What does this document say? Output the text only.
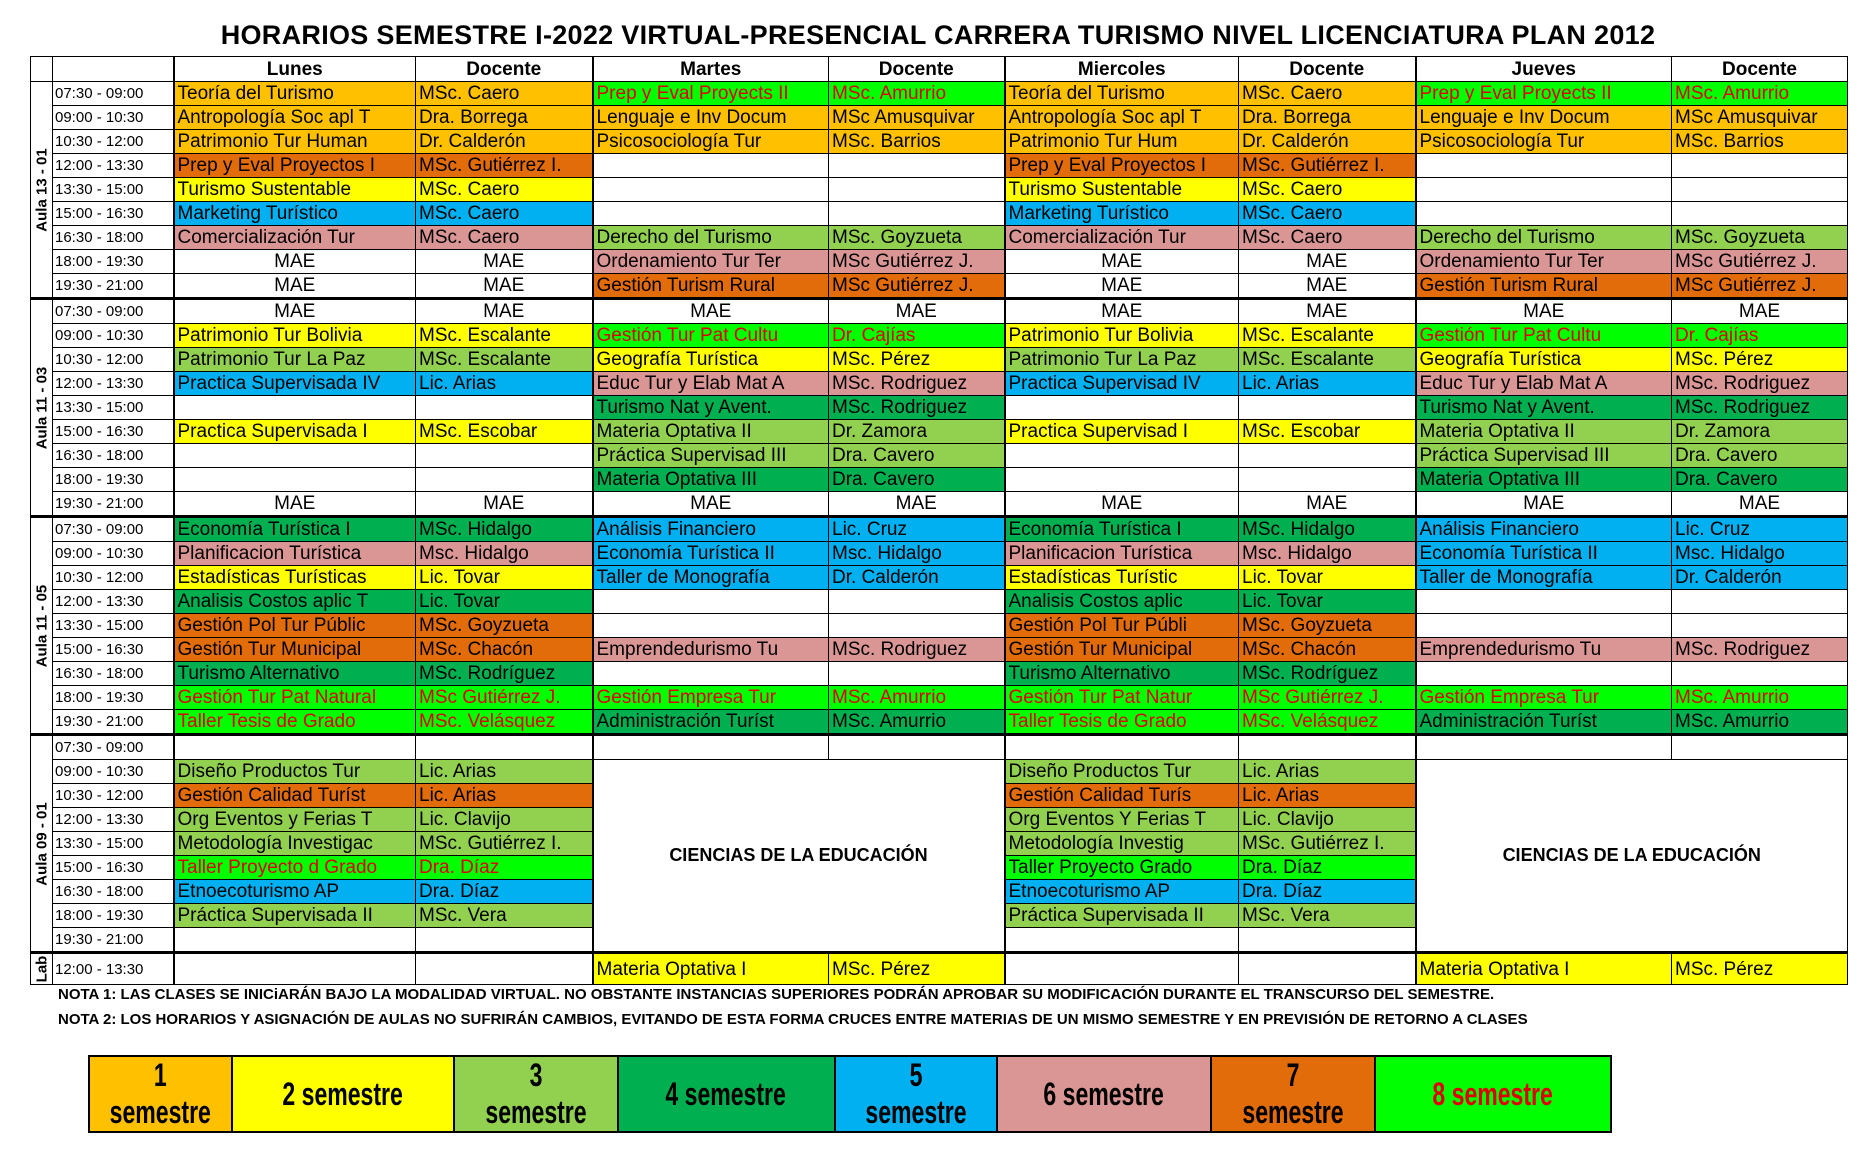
HORARIOS SEMESTRE I-2022 VIRTUAL-PRESENCIAL CARRERA TURISMO NIVEL LICENCIATURA PLAN 2012
		Lunes	Docente	Martes	Docente	Miercoles	Docente	Jueves	Docente

Aula 13 - 01	07:30 - 09:00	Teoría del Turismo	MSc. Caero	Prep y Eval Proyects II	MSc. Amurrio	Teoría del Turismo	MSc. Caero	Prep y Eval Proyects II	MSc. Amurrio
	09:00 - 10:30	Antropología Soc apl T	Dra. Borrega	Lenguaje e Inv Docum	MSc Amusquivar	Antropología Soc apl T	Dra. Borrega	Lenguaje e Inv Docum	MSc Amusquivar
	10:30 - 12:00	Patrimonio Tur Human	Dr. Calderón	Psicosociología Tur	MSc. Barrios	Patrimonio Tur Hum	Dr. Calderón	Psicosociología Tur	MSc. Barrios
	12:00 - 13:30	Prep y Eval Proyectos I	MSc. Gutiérrez I.			Prep y Eval Proyectos I	MSc. Gutiérrez I.		
	13:30 - 15:00	Turismo Sustentable	MSc. Caero			Turismo Sustentable	MSc. Caero		
	15:00 - 16:30	Marketing Turístico	MSc. Caero			Marketing Turístico	MSc. Caero		
	16:30 - 18:00	Comercialización Tur	MSc. Caero	Derecho del Turismo	MSc. Goyzueta	Comercialización Tur	MSc. Caero	Derecho del Turismo	MSc. Goyzueta
	18:00 - 19:30	MAE	MAE	Ordenamiento Tur Ter	MSc Gutiérrez J.	MAE	MAE	Ordenamiento Tur Ter	MSc Gutiérrez J.
	19:30 - 21:00	MAE	MAE	Gestión Turism Rural	MSc Gutiérrez J.	MAE	MAE	Gestión Turism Rural	MSc Gutiérrez J.

Aula 11 - 03	07:30 - 09:00	MAE	MAE	MAE	MAE	MAE	MAE	MAE	MAE
	09:00 - 10:30	Patrimonio Tur Bolivia	MSc. Escalante	Gestión Tur Pat Cultu	Dr. Cajías	Patrimonio Tur Bolivia	MSc. Escalante	Gestión Tur Pat Cultu	Dr. Cajías
	10:30 - 12:00	Patrimonio Tur La Paz	MSc. Escalante	Geografía Turística	MSc. Pérez	Patrimonio Tur La Paz	MSc. Escalante	Geografía Turística	MSc. Pérez
	12:00 - 13:30	Practica Supervisada IV	Lic. Arias	Educ Tur y Elab Mat A	MSc. Rodriguez	Practica Supervisad IV	Lic. Arias	Educ Tur y Elab Mat A	MSc. Rodriguez
	13:30 - 15:00			Turismo Nat y Avent.	MSc. Rodriguez			Turismo Nat y Avent.	MSc. Rodriguez
	15:00 - 16:30	Practica Supervisada I	MSc. Escobar	Materia Optativa II	Dr. Zamora	Practica Supervisad I	MSc. Escobar	Materia Optativa II	Dr. Zamora
	16:30 - 18:00			Práctica Supervisad III	Dra. Cavero			Práctica Supervisad III	Dra. Cavero
	18:00 - 19:30			Materia Optativa III	Dra. Cavero			Materia Optativa III	Dra. Cavero
	19:30 - 21:00	MAE	MAE	MAE	MAE	MAE	MAE	MAE	MAE

Aula 11 - 05	07:30 - 09:00	Economía Turística I	MSc. Hidalgo	Análisis Financiero	Lic. Cruz	Economía Turística I	MSc. Hidalgo	Análisis Financiero	Lic. Cruz
	09:00 - 10:30	Planificacion Turística	Msc. Hidalgo	Economía Turística II	Msc. Hidalgo	Planificacion Turística	Msc. Hidalgo	Economía Turística II	Msc. Hidalgo
	10:30 - 12:00	Estadísticas Turísticas	Lic. Tovar	Taller de Monografía	Dr. Calderón	Estadísticas Turístic	Lic. Tovar	Taller de Monografía	Dr. Calderón
	12:00 - 13:30	Analisis Costos aplic T	Lic. Tovar			Analisis Costos aplic	Lic. Tovar		
	13:30 - 15:00	Gestión Pol Tur Públic	MSc. Goyzueta			Gestión Pol Tur Públi	MSc. Goyzueta		
	15:00 - 16:30	Gestión Tur Municipal	MSc. Chacón	Emprendedurismo Tu	MSc. Rodriguez	Gestión Tur Municipal	MSc. Chacón	Emprendedurismo Tu	MSc. Rodriguez
	16:30 - 18:00	Turismo Alternativo	MSc. Rodríguez			Turismo Alternativo	MSc. Rodríguez		
	18:00 - 19:30	Gestión Tur Pat Natural	MSc Gutiérrez J.	Gestión Empresa Tur	MSc. Amurrio	Gestión Tur Pat Natur	MSc Gutiérrez J.	Gestión Empresa Tur	MSc. Amurrio
	19:30 - 21:00	Taller Tesis de Grado	MSc. Velásquez	Administración Turíst	MSc. Amurrio	Taller Tesis de Grado	MSc. Velásquez	Administración Turíst	MSc. Amurrio

Aula 09 - 01	07:30 - 09:00								
	09:00 - 10:30	Diseño Productos Tur	Lic. Arias	CIENCIAS DE LA EDUCACIÓN		Diseño Productos Tur	Lic. Arias	CIENCIAS DE LA EDUCACIÓN	
	10:30 - 12:00	Gestión Calidad Turíst	Lic. Arias			Gestión Calidad Turís	Lic. Arias		
	12:00 - 13:30	Org Eventos y Ferias T	Lic. Clavijo			Org Eventos Y Ferias T	Lic. Clavijo		
	13:30 - 15:00	Metodología Investigac	MSc. Gutiérrez I.			Metodología Investig	MSc. Gutiérrez I.		
	15:00 - 16:30	Taller Proyecto d Grado	Dra. Díaz			Taller Proyecto Grado	Dra. Díaz		
	16:30 - 18:00	Etnoecoturismo AP	Dra. Díaz			Etnoecoturismo AP	Dra. Díaz		
	18:00 - 19:30	Práctica Supervisada II	MSc. Vera			Práctica Supervisada II	MSc. Vera		
	19:30 - 21:00								

Lab	12:00 - 13:30			Materia Optativa I	MSc. Pérez			Materia Optativa I	MSc. Pérez
NOTA 1: LAS CLASES SE INICiARÁN BAJO LA MODALIDAD VIRTUAL. NO OBSTANTE INSTANCIAS SUPERIORES PODRÁN APROBAR SU MODIFICACIÓN DURANTE EL TRANSCURSO DEL SEMESTRE.
NOTA 2: LOS HORARIOS Y ASIGNACIÓN DE AULAS NO SUFRIRÁN CAMBIOS, EVITANDO DE ESTA FORMA CRUCES ENTRE MATERIAS DE UN MISMO SEMESTRE Y EN PREVISIÓN DE RETORNO A CLASES
1 semestre	2 semestre	3 semestre	4 semestre	5 semestre	6 semestre	7 semestre	8 semestre
